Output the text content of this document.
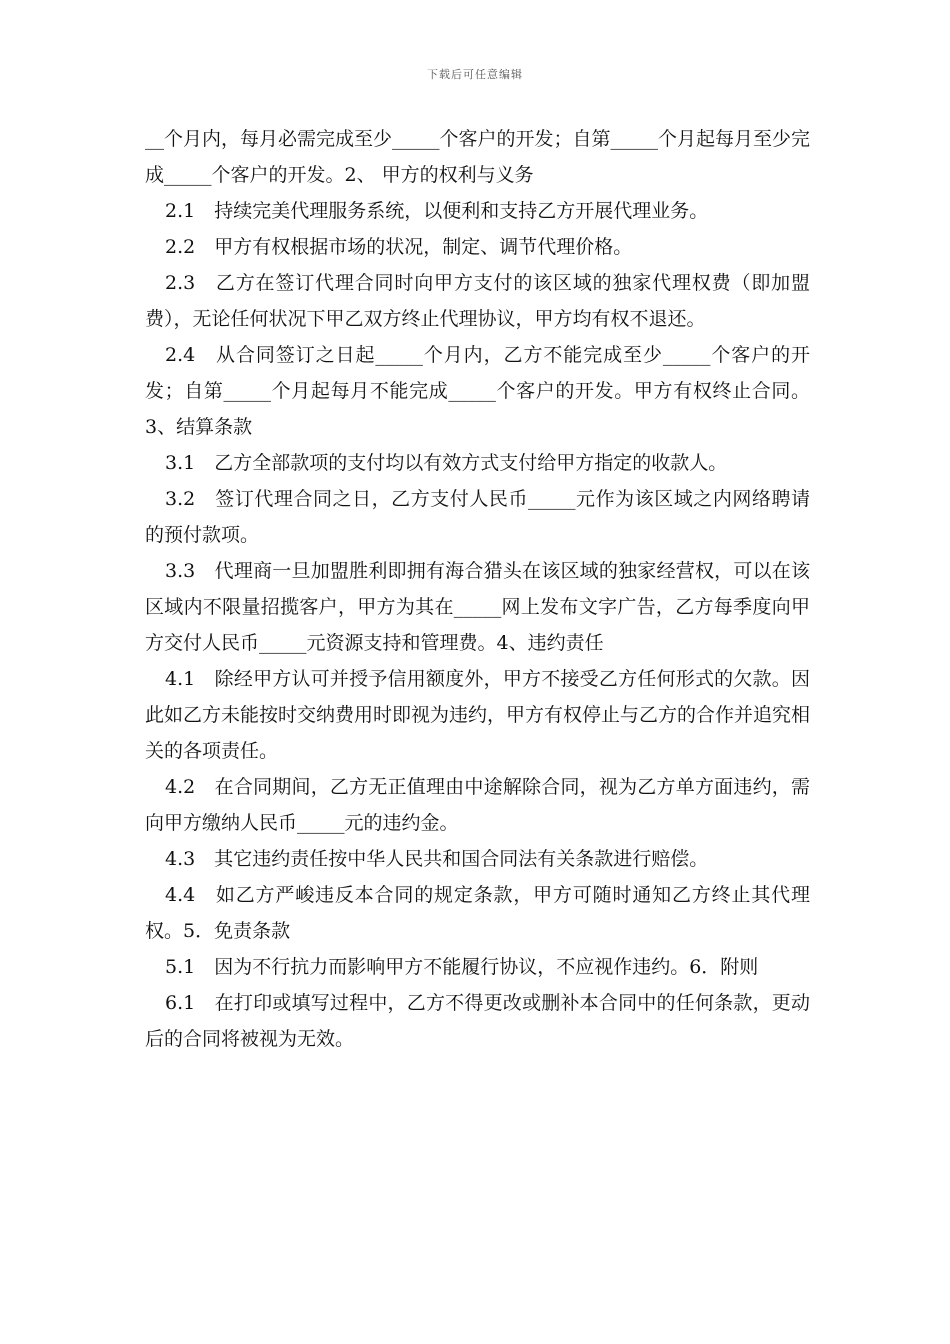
下载后可任意编辑

__个月内，每月必需完成至少_____个客户的开发；自第_____个月起每月至少完成_____个客户的开发。2、 甲方的权利与义务

2.1　持续完美代理服务系统，以便利和支持乙方开展代理业务。

2.2　甲方有权根据市场的状况，制定、调节代理价格。

2.3　乙方在签订代理合同时向甲方支付的该区域的独家代理权费（即加盟费），无论任何状况下甲乙双方终止代理协议，甲方均有权不退还。

2.4　从合同签订之日起_____个月内，乙方不能完成至少_____个客户的开发；自第_____个月起每月不能完成_____个客户的开发。甲方有权终止合同。3、结算条款

3.1　乙方全部款项的支付均以有效方式支付给甲方指定的收款人。

3.2　签订代理合同之日，乙方支付人民币_____元作为该区域之内网络聘请的预付款项。

3.3　代理商一旦加盟胜利即拥有海合猎头在该区域的独家经营权，可以在该区域内不限量招揽客户，甲方为其在_____网上发布文字广告，乙方每季度向甲方交付人民币_____元资源支持和管理费。4、违约责任

4.1　除经甲方认可并授予信用额度外，甲方不接受乙方任何形式的欠款。因此如乙方未能按时交纳费用时即视为违约，甲方有权停止与乙方的合作并追究相关的各项责任。

4.2　在合同期间，乙方无正值理由中途解除合同，视为乙方单方面违约，需向甲方缴纳人民币_____元的违约金。

4.3　其它违约责任按中华人民共和国合同法有关条款进行赔偿。

4.4　如乙方严峻违反本合同的规定条款，甲方可随时通知乙方终止其代理权。5．免责条款

5.1　因为不行抗力而影响甲方不能履行协议，不应视作违约。6．附则

6.1　在打印或填写过程中，乙方不得更改或删补本合同中的任何条款，更动后的合同将被视为无效。
